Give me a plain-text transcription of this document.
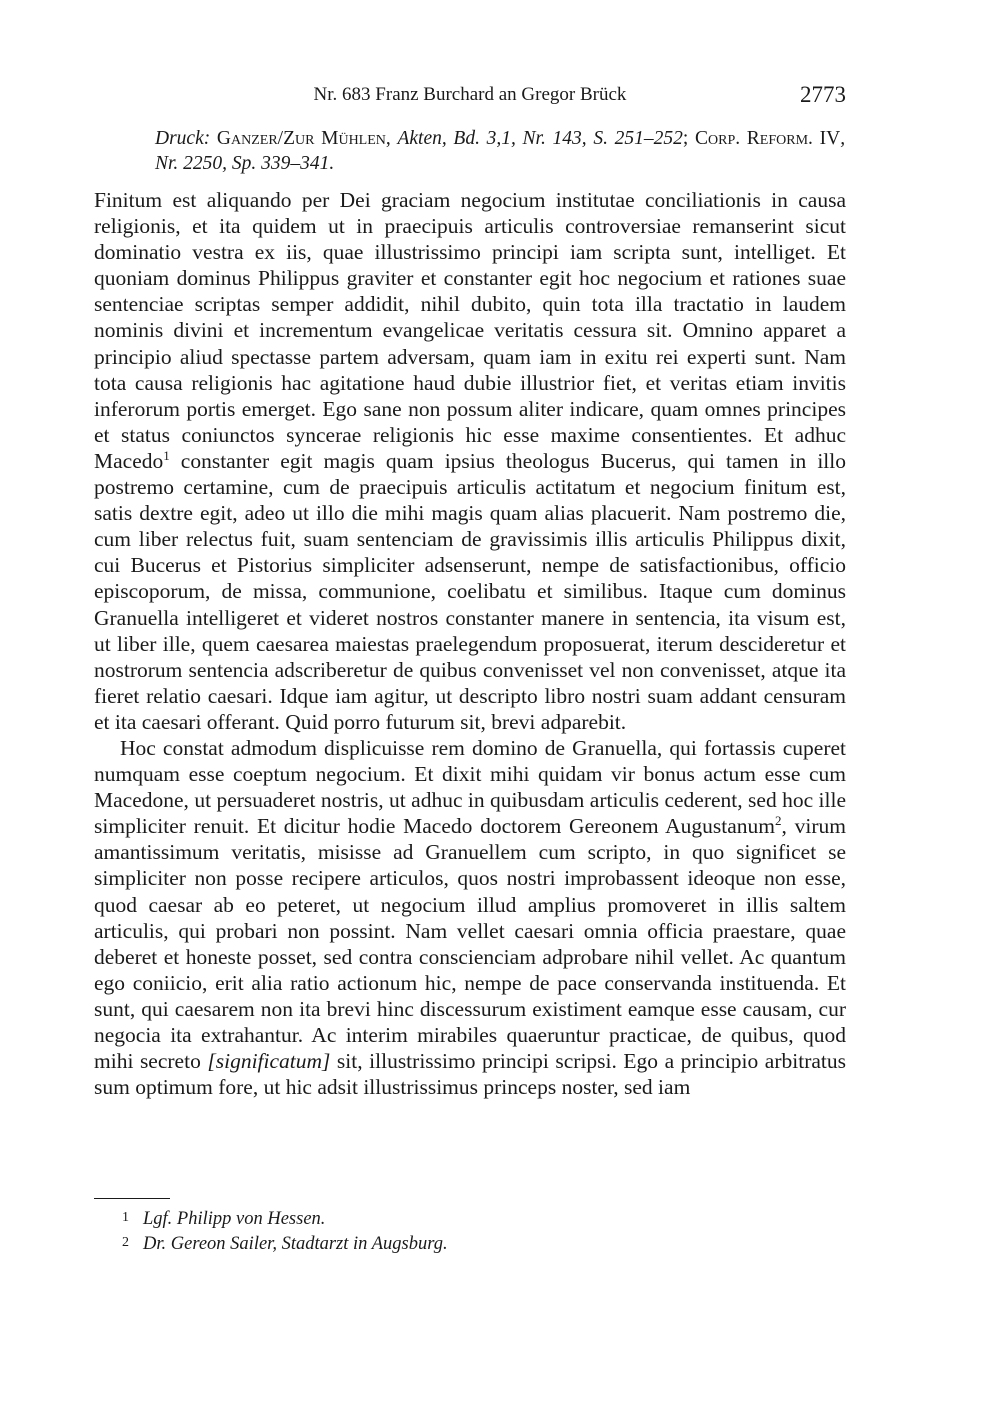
Nr. 683 Franz Burchard an Gregor Brück	2773
Druck: Ganzer/Zur Mühlen, Akten, Bd. 3,1, Nr. 143, S. 251–252; Corp. Reform. IV, Nr. 2250, Sp. 339–341.

Finitum est aliquando per Dei graciam negocium institutae conciliationis in causa religionis, et ita quidem ut in praecipuis articulis controversiae remanserint sicut dominatio vestra ex iis, quae illustrissimo principi iam scripta sunt, intelliget. Et quoniam dominus Philippus graviter et constanter egit hoc negocium et rationes suae sentenciae scriptas semper addidit, nihil dubito, quin tota illa tractatio in laudem nominis divini et incrementum evangelicae veritatis cessura sit. Omnino apparet a principio aliud spectasse partem adversam, quam iam in exitu rei experti sunt. Nam tota causa religionis hac agitatione haud dubie illustrior fiet, et veritas etiam invitis inferorum portis emerget. Ego sane non possum aliter indicare, quam omnes principes et status coniunctos syncerae religionis hic esse maxime consentientes. Et adhuc Macedo$^1$ constanter egit magis quam ipsius theologus Bucerus, qui tamen in illo postremo certamine, cum de praecipuis articulis actitatum et negocium finitum est, satis dextre egit, adeo ut illo die mihi magis quam alias placuerit. Nam postremo die, cum liber relectus fuit, suam sentenciam de gravissimis illis articulis Philippus dixit, cui Bucerus et Pistorius simpliciter adsenserunt, nempe de satisfactionibus, officio episcoporum, de missa, communione, coelibatu et similibus. Itaque cum dominus Granuella intelligeret et videret nostros constanter manere in sentencia, ita visum est, ut liber ille, quem caesarea maiestas praelegendum proposuerat, iterum descideretur et nostrorum sentencia adscriberetur de quibus convenisset vel non convenisset, atque ita fieret relatio caesari. Idque iam agitur, ut descripto libro nostri suam addant censuram et ita caesari offerant. Quid porro futurum sit, brevi adparebit.

Hoc constat admodum displicuisse rem domino de Granuella, qui fortassis cuperet numquam esse coeptum negocium. Et dixit mihi quidam vir bonus actum esse cum Macedone, ut persuaderet nostris, ut adhuc in quibusdam articulis cederent, sed hoc ille simpliciter renuit. Et dicitur hodie Macedo doctorem Gereonem Augustanum$^2$, virum amantissimum veritatis, misisse ad Granuellem cum scripto, in quo significet se simpliciter non posse recipere articulos, quos nostri improbassent ideoque non esse, quod caesar ab eo peteret, ut negocium illud amplius promoveret in illis saltem articulis, qui probari non possint. Nam vellet caesari omnia officia praestare, quae deberet et honeste posset, sed contra conscienciam adprobare nihil vellet. Ac quantum ego coniicio, erit alia ratio actionum hic, nempe de pace conservanda instituenda. Et sunt, qui caesarem non ita brevi hinc discessurum existiment eamque esse causam, cur negocia ita extrahantur. Ac interim mirabiles quaeruntur practicae, de quibus, quod mihi secreto [significatum] sit, illustrissimo principi scripsi. Ego a principio arbitratus sum optimum fore, ut hic adsit illustrissimus princeps noster, sed iam

1 Lgf. Philipp von Hessen.
2 Dr. Gereon Sailer, Stadtarzt in Augsburg.
